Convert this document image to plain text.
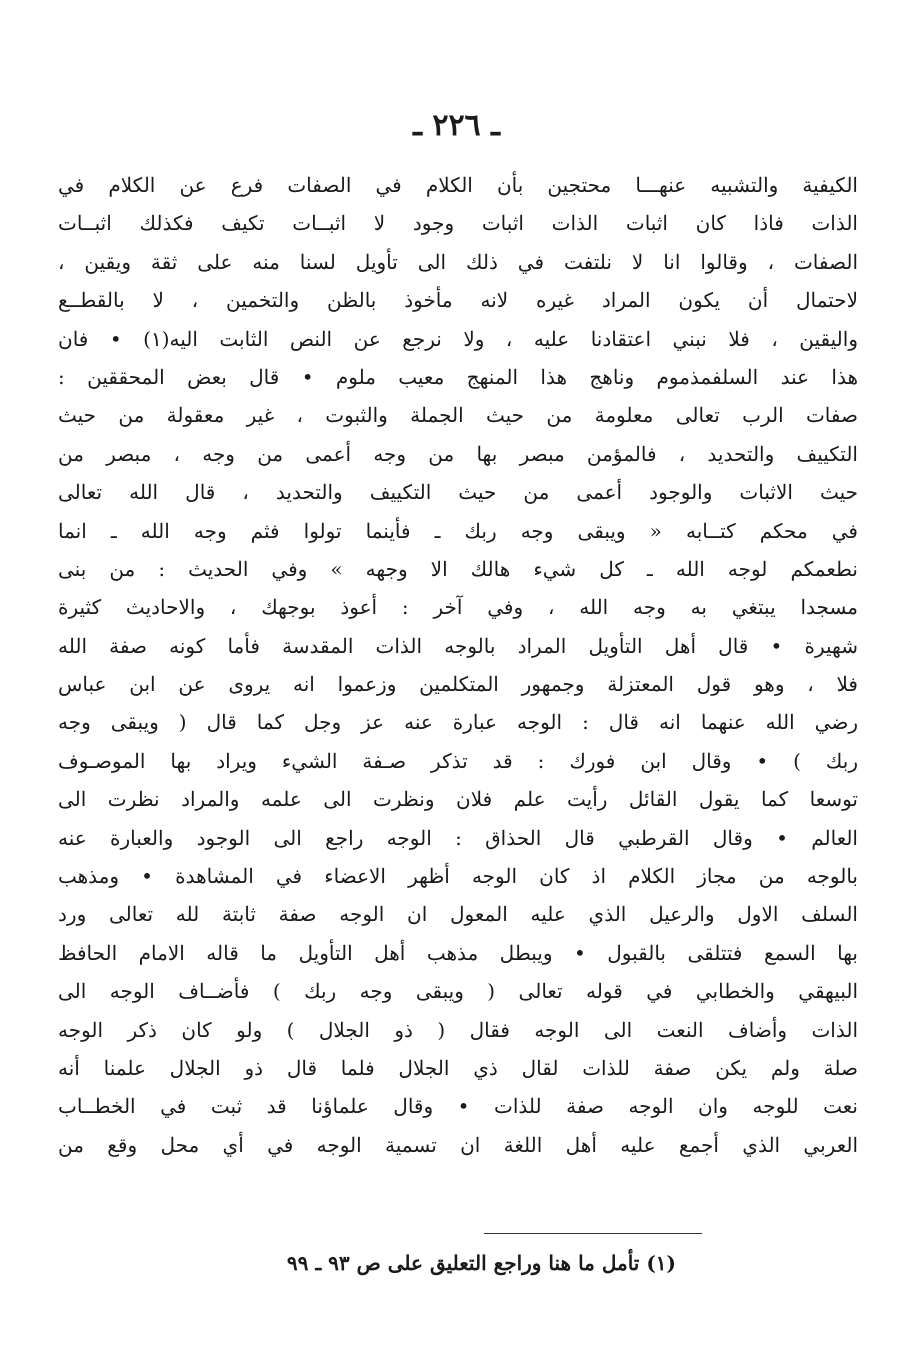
ـ ٢٢٦ ـ
الكيفية والتشبيه عنهـــا محتجين بأن الكلام في الصفات فرع عن الكلام في
الذات فاذا كان اثبات الذات اثبات وجود لا اثبــات تكيف فكذلك اثبــات
الصفات ، وقالوا انا لا نلتفت في ذلك الى تأويل لسنا منه على ثقة ويقين ،
لاحتمال أن يكون المراد غيره لانه مأخوذ بالظن والتخمين ، لا بالقطــع
واليقين ، فلا نبني اعتقادنا عليه ، ولا نرجع عن النص الثابت اليه(١) • فان
هذا عند السلفمذموم وناهج هذا المنهج معيب ملوم • قال بعض المحققين :
صفات الرب تعالى معلومة من حيث الجملة والثبوت ، غير معقولة من حيث
التكييف والتحديد ، فالمؤمن مبصر بها من وجه أعمى من وجه ، مبصر من
حيث الاثبات والوجود أعمى من حيث التكييف والتحديد ، قال الله تعالى
في محكم كتــابه « ويبقى وجه ربك ـ فأينما تولوا فثم وجه الله ـ انما
نطعمكم لوجه الله ـ كل شيء هالك الا وجهه » وفي الحديث : من بنى
مسجدا يبتغي به وجه الله ، وفي آخر : أعوذ بوجهك ، والاحاديث كثيرة
شهيرة • قال أهل التأويل المراد بالوجه الذات المقدسة فأما كونه صفة الله
فلا ، وهو قول المعتزلة وجمهور المتكلمين وزعموا انه يروى عن ابن عباس
رضي الله عنهما انه قال : الوجه عبارة عنه عز وجل كما قال ( ويبقى وجه
ربك ) • وقال ابن فورك : قد تذكر صـفة الشيء ويراد بها الموصـوف
توسعا كما يقول القائل رأيت علم فلان ونظرت الى علمه والمراد نظرت الى
العالم • وقال القرطبي قال الحذاق : الوجه راجع الى الوجود والعبارة عنه
بالوجه من مجاز الكلام اذ كان الوجه أظهر الاعضاء في المشاهدة • ومذهب
السلف الاول والرعيل الذي عليه المعول ان الوجه صفة ثابتة لله تعالى ورد
بها السمع فتتلقى بالقبول • ويبطل مذهب أهل التأويل ما قاله الامام الحافظ
البيهقي والخطابي في قوله تعالى ( ويبقى وجه ربك ) فأضــاف الوجه الى
الذات وأضاف النعت الى الوجه فقال ( ذو الجلال ) ولو كان ذكر الوجه
صلة ولم يكن صفة للذات لقال ذي الجلال فلما قال ذو الجلال علمنا أنه
نعت للوجه وان الوجه صفة للذات • وقال علماؤنا قد ثبت في الخطــاب
العربي الذي أجمع عليه أهل اللغة ان تسمية الوجه في أي محل وقع من
(١) تأمل ما هنا وراجع التعليق على ص ٩٣ ـ ٩٩
